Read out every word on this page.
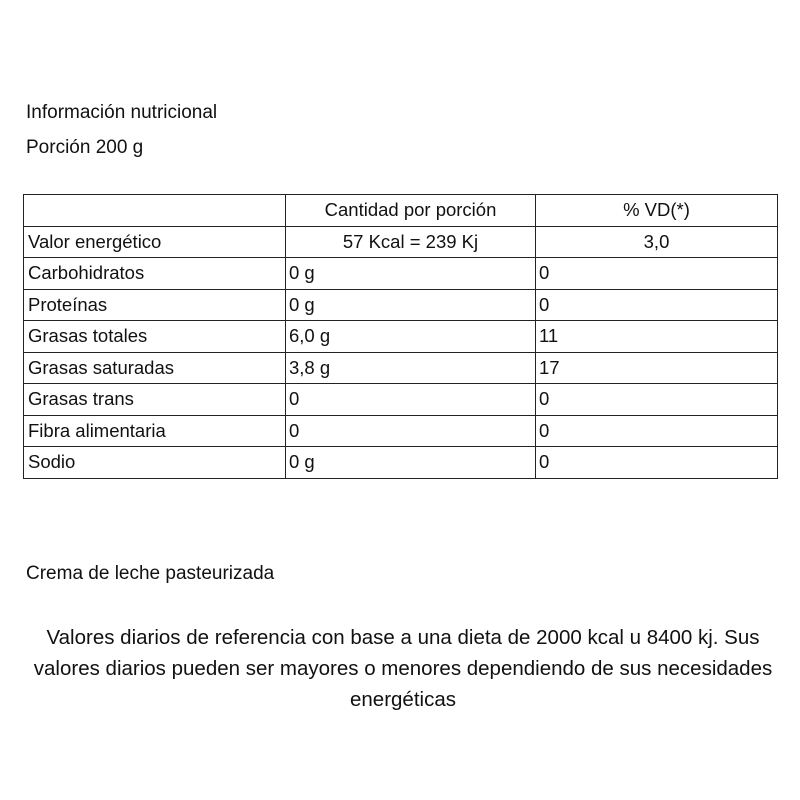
Información nutricional
Porción 200 g
	Cantidad por porción	% VD(*)
Valor energético	57 Kcal = 239 Kj	3,0
Carbohidratos	0 g	0
Proteínas	0 g	0
Grasas totales	6,0 g	11
Grasas saturadas	3,8 g	17
Grasas trans	0	0
Fibra alimentaria	0	0
Sodio	0 g	0
Crema de leche pasteurizada

Valores diarios de referencia con base a una dieta de 2000 kcal u 8400 kj. Sus valores diarios pueden ser mayores o menores dependiendo de sus necesidades energéticas
